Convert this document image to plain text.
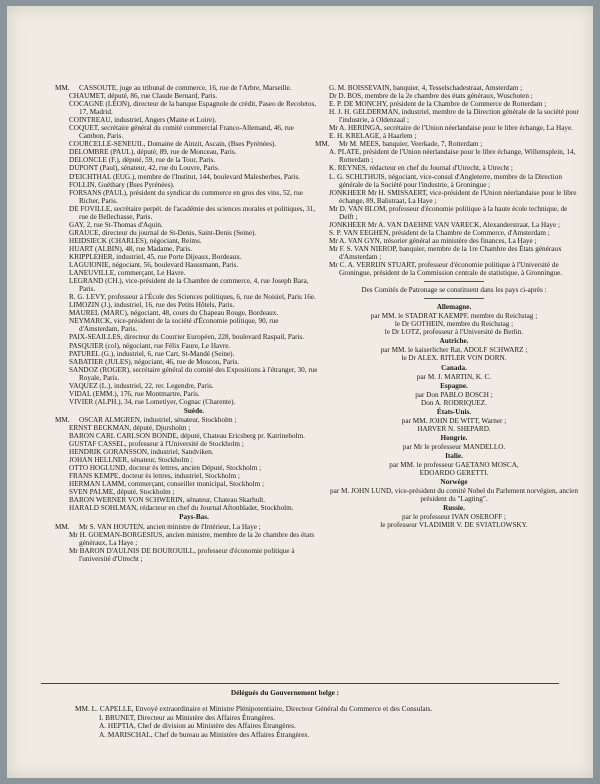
MM. CASSOUTE, juge au tribunal de commerce, 16, rue de l'Arbre, Marseille.
CHAUMET, député, 86, rue Claude Bernard, Paris.
COCAGNE (LÉON), directeur de la banque Espagnole de crédit, Paseo de Recoletos, 17, Madrid.
COINTREAU, industriel, Angers (Maine et Loire).
COQUET, secrétaire général du comité commercial Franco-Allemand, 46, rue Cambon, Paris.
COURCELLE-SENEUIL, Domaine de Ainzit, Ascain, (Bses Pyrénées).
DELOMBRE (PAUL), député, 89, rue de Monceau, Paris.
DELONCLE (F.), député, 59, rue de la Tour, Paris.
DUPONT (Paul), sénateur, 42, rue du Louvre, Paris.
D'EICHTHAL (EUG.), membre de l'Institut, 144, boulevard Malesherbes, Paris.
FOLLIN, Guéthary (Bses Pyrénées).
FORSANS (PAUL), président du syndicat du commerce en gros des vins, 52, rue Richer, Paris.
DE FOVILLE, secrétaire perpét. de l'académie des sciences morales et politiques, 31, rue de Bellechasse, Paris.
GAY, 2, rue St-Thomas d'Aquin.
GRAUCE, directeur du journal de St-Denis, Saint-Denis (Seine).
HEIDSIECK (CHARLES), négociant, Reims.
HUART (ALBIN), 48, rue Madame, Paris.
KRIPPLEHER, industriel, 45, rue Porte Dijeaux, Bordeaux.
LAGUIONIE, négociant, 56, boulevard Haussmann, Paris.
LANEUVILLE, commerçant, Le Havre.
LEGRAND (CH.), vice-président de la Chambre de commerce, 4, rue Joseph Bara, Paris.
R. G. LEVY, professeur à l'École des Sciences politiques, 6, rue de Noisiel, Paris 16e.
LIMOZIN (J.), industriel, 16, rue des Petits Hôtels, Paris.
MAUREL (MARC), négociant, 48, cours du Chapeau Rouge, Bordeaux.
NEYMARCK, vice-président de la société d'Économie politique, 90, rue d'Amsterdam, Paris.
PAIX-SEAILLES, directeur du Courrier Européen, 228, boulevard Raspail, Paris.
PASQUIER (col), négociant, rue Félix Faure, Le Havre.
PATUREL (G.), industriel, 6, rue Cart, St-Mandé (Seine).
SABATIER (JULES), négociant, 46, rue de Moscou, Paris.
SANDOZ (ROGER), secrétaire général du comité des Expositions à l'étranger, 30, rue Royale, Paris.
VAQUEZ (L.), industriel, 22, rer. Legendre, Paris.
VIDAL (EMM.), 176, rue Montmartre, Paris.
VIVIER (ALPH.), 34, rue Lometiyer, Cognac (Charente).
Suède.
MM. OSCAR ALMGREN, industriel, sénateur, Stockholm ;
ERNST BECKMAN, député, Djursholm ;
BARON CARL CARLSON BONDE, député, Chateau Ericsberg pr. Katrineholm.
GUSTAF CASSEL, professeur à l'Université de Stockholm ;
HENDRIK GORANSSON, industriel, Sandviken.
JOHAN HELLNER, sénateur, Stockholm ;
OTTO HOGLUND, docteur ès lettres, ancien Député, Stockholm ;
FRANS KEMPE, docteur ès lettres, industriel, Stockholm ;
HERMAN LAMM, commerçant, conseiller municipal, Stockholm ;
SVEN PALME, député, Stockholm ;
BARON WERNER VON SCHWERIN, sénateur, Chateau Skarhult.
HARALD SOHLMAN, rédacteur en chef du Journal Aftonbladet, Stockholm.
Pays-Bas.
MM. Mr S. VAN HOUTEN, ancien ministre de l'Intérieur, La Haye ;
Mr H. GOEMAN-BORGESIUS, ancien ministre, membre de la 2e chambre des états généraux, La Haye ;
Mr BARON D'AULNIS DE BOUROUILL, professeur d'économie politique à l'université d'Utrecht ;
G. M. BOISSEVAIN, banquier, 4, Tesselschadestraat, Amsterdam ;
Dr D. BOS, membre de la 2e chambre des états généraux, Wuschoten ;
E. P. DE MONCHY, président de la Chambre de Commerce de Rotterdam ;
H. J. H. GELDERMAN, industriel, membre de la Direction générale de la société pour l'industrie, à Oldenzaal ;
Mr A. HERINGA, secrétaire de l'Union néerlandaise pour le libre échange, La Haye.
E. H. KRELAGE, à Haarlem ;
MM. Mr M. MEES, banquier, Veerkade, 7, Rotterdam ;
A. PLATE, président de l'Union néerlandaise pour le libre échange, Willemsplein, 14, Rotterdam ;
K. REYNES, rédacteur en chef du Journal d'Utrecht, à Utrecht ;
L. G. SCHLTHUIS, négociant, vice-consul d'Angleterre, membre de la Direction générale de la Société pour l'industrie, à Groningue ;
JONKHEER Mr H. SMISSAERT, vice-président de l'Union néerlandaise pour le libre échange, 89, Balistraat, La Haye ;
Mr D. VAN BLOM, professeur d'économie politique à la haute école technique, de Delft ;
JONKHEER Mr A. VAN DAEHNE VAN VARECK, Alexanderstraat, La Haye ;
S. P. VAN EEGHEN, président de la Chambre de Commerce, d'Amsterdam ;
Mr A. VAN GYN, trésorier général au ministère des finances, La Haye ;
Mr F. S. VAN NIEROP, banquier, membre de la 1re Chambre des États généraux d'Amsterdam ;
Mr C. A. VERRIJN STUART, professeur d'économie politique à l'Université de Groningue, président de la Commission centrale de statistique, à Gronningue.
Des Comités de Patronage se constituent dans les pays ci-après :
Allemagne.
par MM. le STADRAT KAEMPF, membre du Reichstag ;
le Dr GOTHEIN, membre du Reichstag ;
le Dr LOTZ, professeur à l'Université de Berlin.
Autriche.
par MM. le kaiserlicher Rat, ADOLF SCHWARZ ;
le Dr ALEX. RITLER VON DORN.
Canada.
par M. J. MARTIN, K. C.
Espagne.
par Don PABLO BOSCH ;
Don A. RODRIQUEZ.
États-Unis.
par MM. JOHN DE WITT, Warner ;
HARVER N. SHEPARD.
Hongrie.
par Mr le professeur MANDELLO.
Italie.
par MM. le professeur GAETANO MOSCA,
EDOARDO GERETTI.
Norwège
par M. JOHN LUND, vice-président du comité Nobel du Parlement norvégien, ancien président du "Lagting".
Russie.
par le professeur IVAN OSEROFF ;
le professeur VLADIMIR V. DE SVIATLOWSKY.
Délégués du Gouvernement belge :
MM. L. CAPELLE, Envoyé extraordinaire et Ministre Plénipotentiaire, Directeur Général du Commerce et des Consulats.
I. BRUNET, Directeur au Ministère des Affaires Étrangères.
A. HEPTIA, Chef de division au Ministère des Affaires Étrangères.
A. MARISCHAL, Chef de bureau au Ministère des Affaires Étrangères.
